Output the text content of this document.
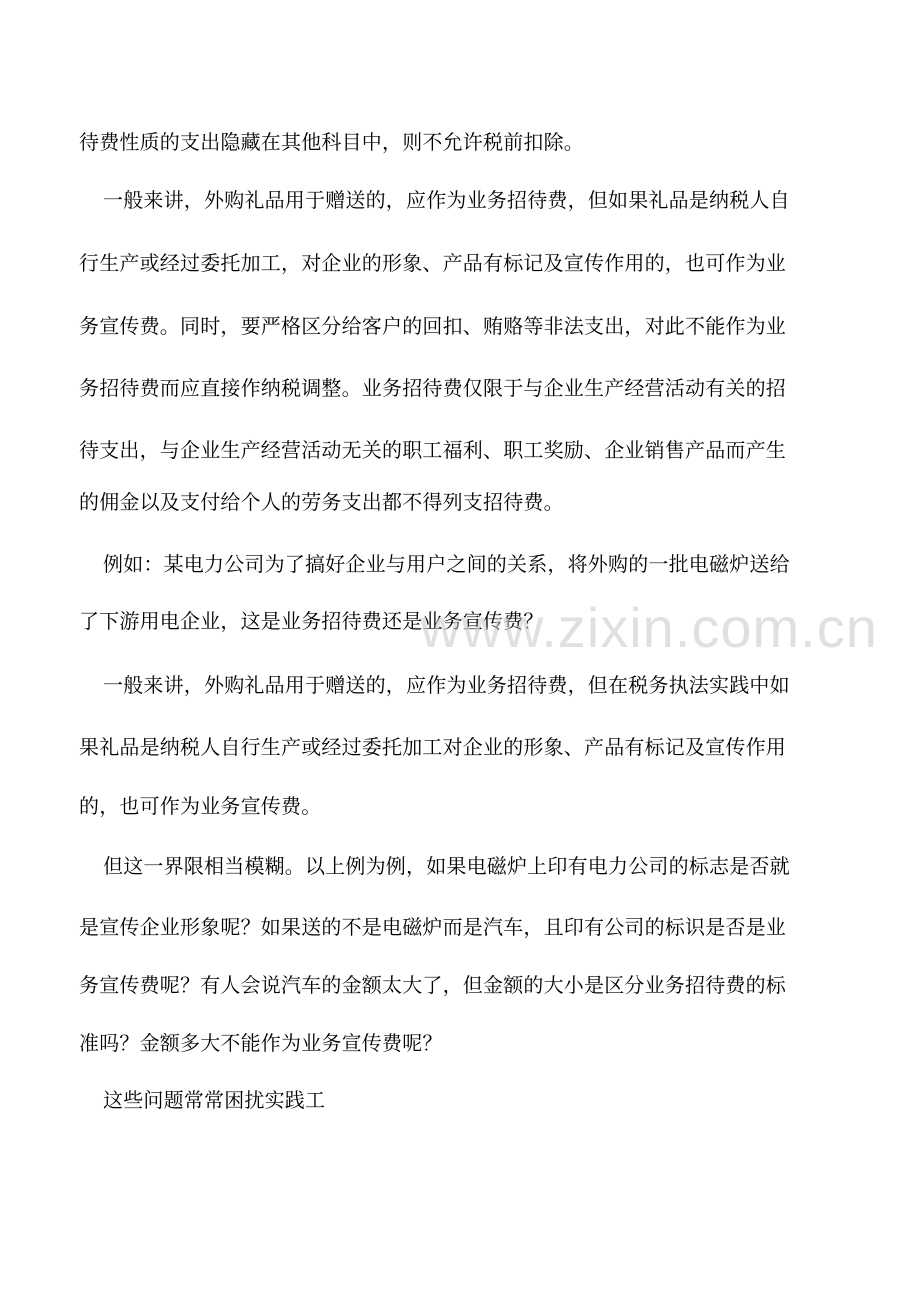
待费性质的支出隐藏在其他科目中，则不允许税前扣除。
一般来讲，外购礼品用于赠送的，应作为业务招待费，但如果礼品是纳税人自
行生产或经过委托加工，对企业的形象、产品有标记及宣传作用的，也可作为业
务宣传费。同时，要严格区分给客户的回扣、贿赂等非法支出，对此不能作为业
务招待费而应直接作纳税调整。业务招待费仅限于与企业生产经营活动有关的招
待支出，与企业生产经营活动无关的职工福利、职工奖励、企业销售产品而产生
的佣金以及支付给个人的劳务支出都不得列支招待费。
例如：某电力公司为了搞好企业与用户之间的关系，将外购的一批电磁炉送给
了下游用电企业，这是业务招待费还是业务宣传费？
一般来讲，外购礼品用于赠送的，应作为业务招待费，但在税务执法实践中如
果礼品是纳税人自行生产或经过委托加工对企业的形象、产品有标记及宣传作用
的，也可作为业务宣传费。
但这一界限相当模糊。以上例为例，如果电磁炉上印有电力公司的标志是否就
是宣传企业形象呢？如果送的不是电磁炉而是汽车，且印有公司的标识是否是业
务宣传费呢？有人会说汽车的金额太大了，但金额的大小是区分业务招待费的标
准吗？金额多大不能作为业务宣传费呢？
这些问题常常困扰实践工
www.zixin.com.cn
